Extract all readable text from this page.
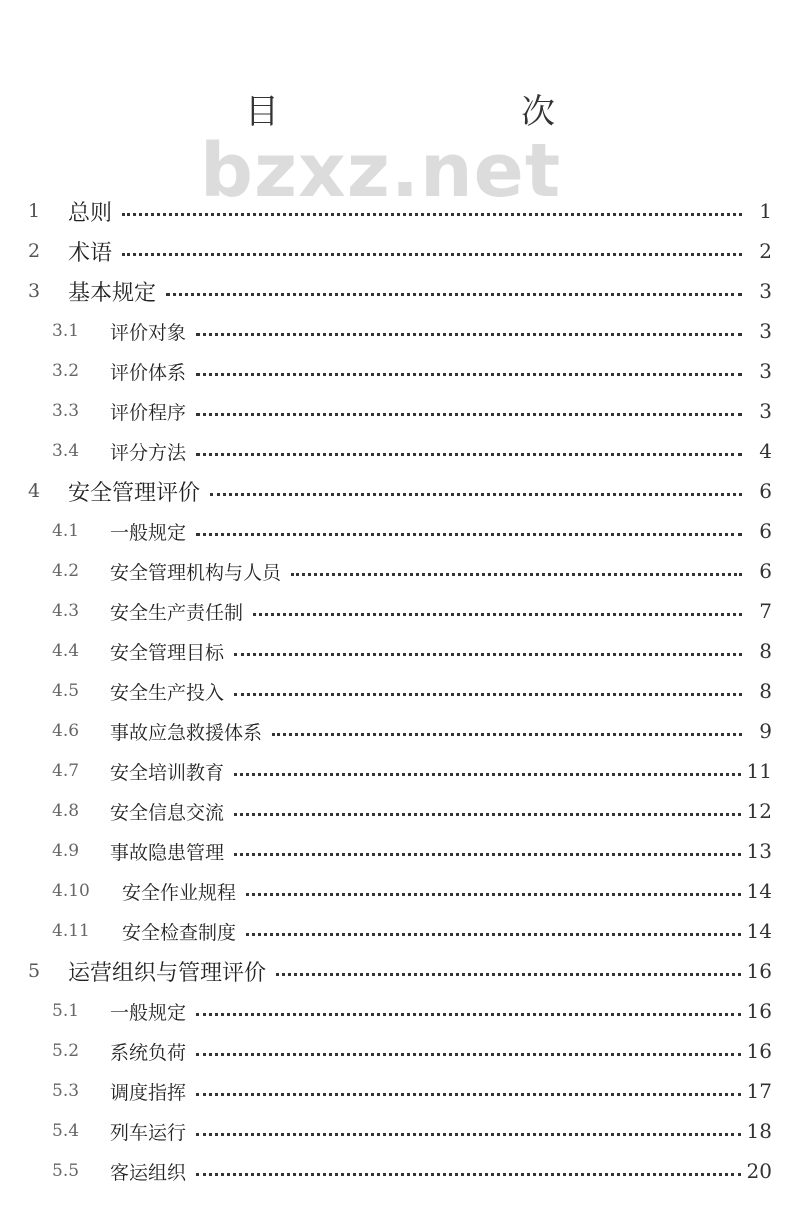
目　　次
bzxz.net
1	总则	1
2	术语	2
3	基本规定	3
3.1	评价对象	3
3.2	评价体系	3
3.3	评价程序	3
3.4	评分方法	4
4	安全管理评价	6
4.1	一般规定	6
4.2	安全管理机构与人员	6
4.3	安全生产责任制	7
4.4	安全管理目标	8
4.5	安全生产投入	8
4.6	事故应急救援体系	9
4.7	安全培训教育	11
4.8	安全信息交流	12
4.9	事故隐患管理	13
4.10	安全作业规程	14
4.11	安全检查制度	14
5	运营组织与管理评价	16
5.1	一般规定	16
5.2	系统负荷	16
5.3	调度指挥	17
5.4	列车运行	18
5.5	客运组织	20
